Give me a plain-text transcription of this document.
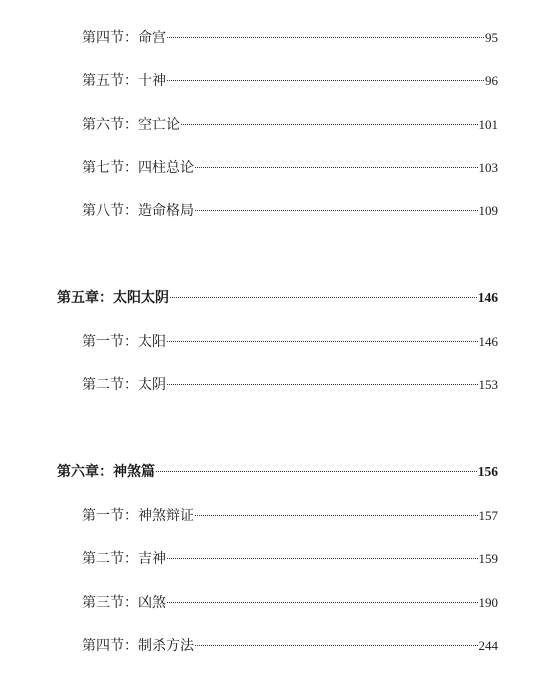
第四节：命宫	95
第五节：十神	96
第六节：空亡论	101
第七节：四柱总论	103
第八节：造命格局	109
第五章：太阳太阴	146
第一节：太阳	146
第二节：太阴	153
第六章：神煞篇	156
第一节：神煞辩证	157
第二节：吉神	159
第三节：凶煞	190
第四节：制杀方法	244
